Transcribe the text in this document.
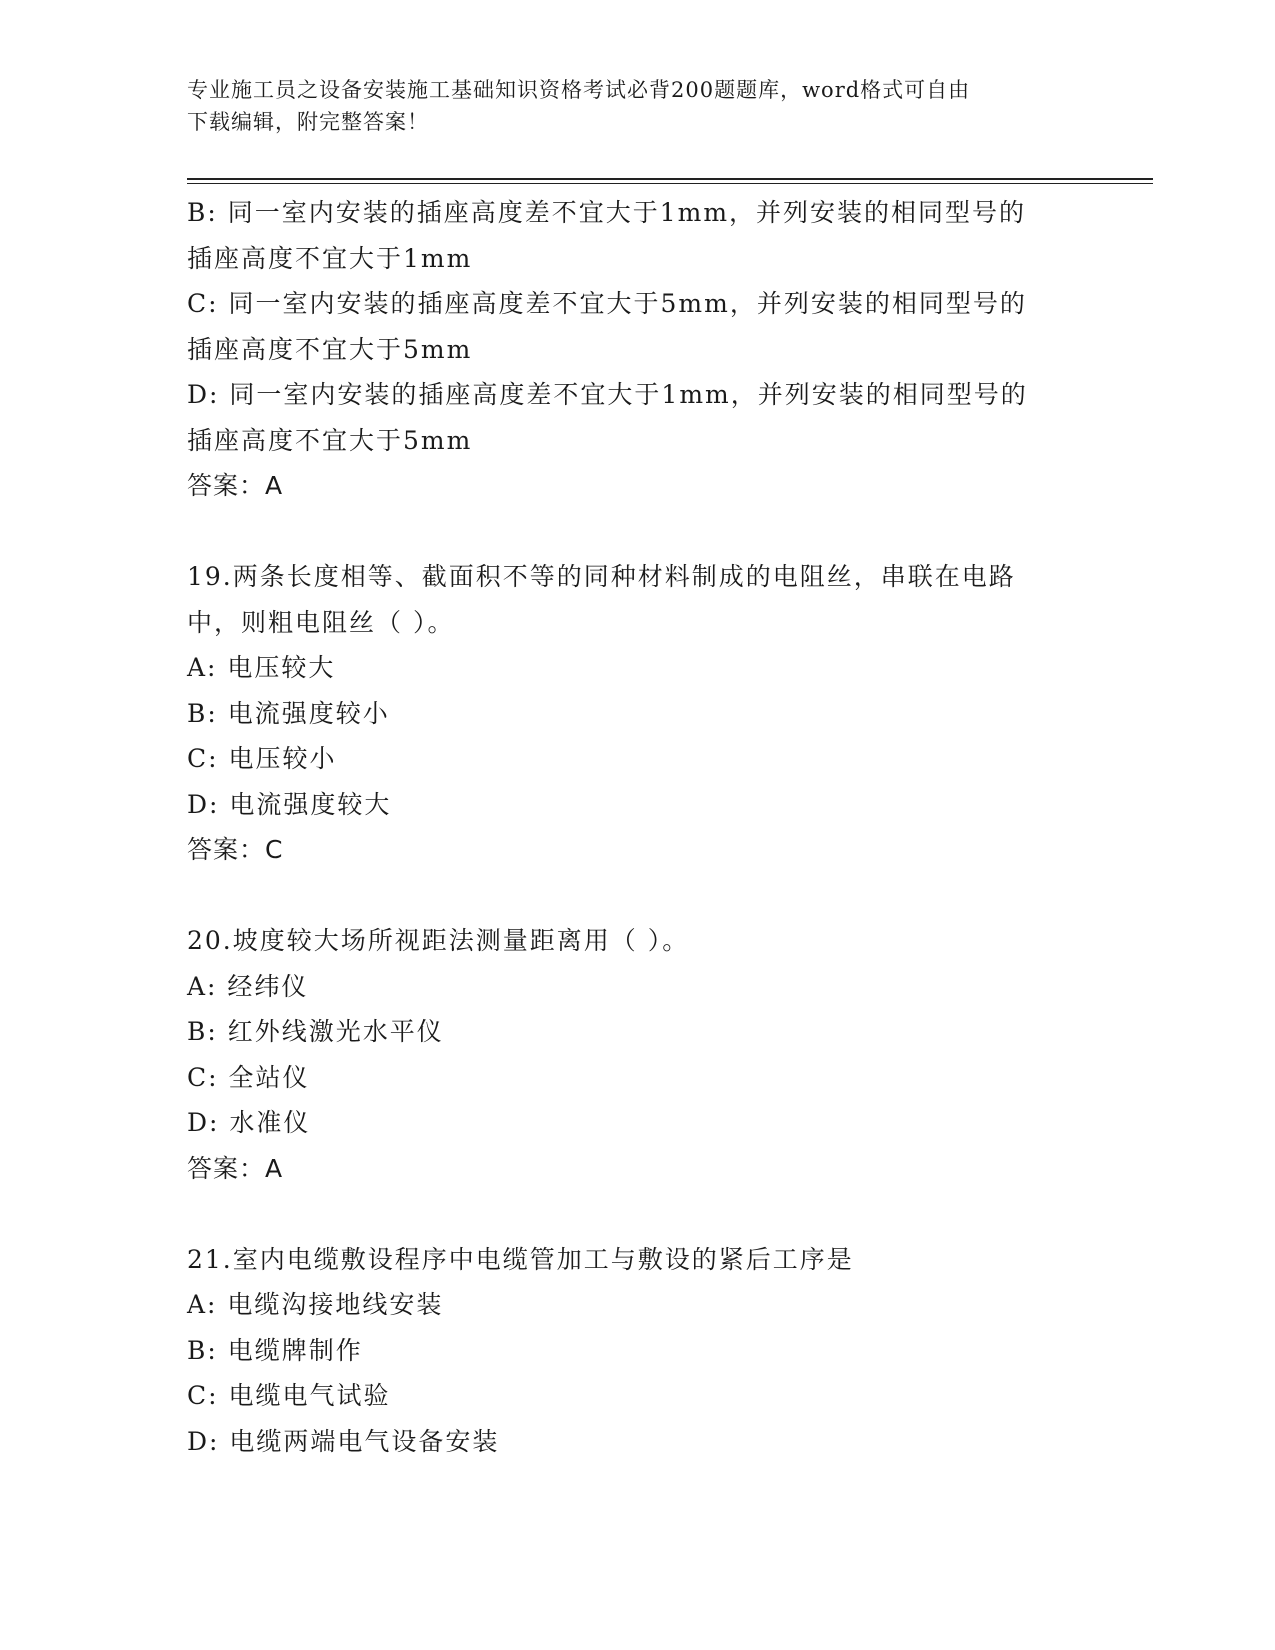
专业施工员之设备安装施工基础知识资格考试必背200题题库，word格式可自由
下载编辑，附完整答案！
B: 同一室内安装的插座高度差不宜大于1mm，并列安装的相同型号的
插座高度不宜大于1mm
C: 同一室内安装的插座高度差不宜大于5mm，并列安装的相同型号的
插座高度不宜大于5mm
D: 同一室内安装的插座高度差不宜大于1mm，并列安装的相同型号的
插座高度不宜大于5mm
答案：A
19.两条长度相等、截面积不等的同种材料制成的电阻丝，串联在电路
中，则粗电阻丝（ ）。
A: 电压较大
B: 电流强度较小
C: 电压较小
D: 电流强度较大
答案：C
20.坡度较大场所视距法测量距离用（ ）。
A: 经纬仪
B: 红外线激光水平仪
C: 全站仪
D: 水准仪
答案：A
21.室内电缆敷设程序中电缆管加工与敷设的紧后工序是
A: 电缆沟接地线安装
B: 电缆牌制作
C: 电缆电气试验
D: 电缆两端电气设备安装
